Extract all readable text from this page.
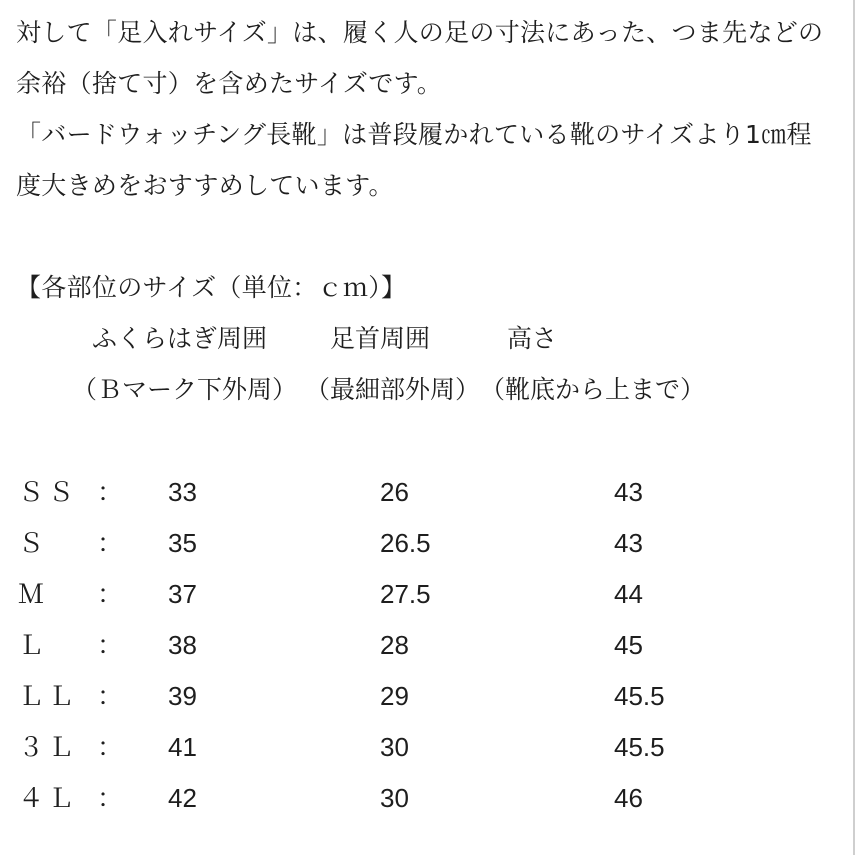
対して「足入れサイズ」は、履く人の足の寸法にあった、つま先などの
余裕（捨て寸）を含めたサイズです。
「バードウォッチング長靴」は普段履かれている靴のサイズより1㎝程
度大きめをおすすめしています。
【各部位のサイズ（単位：ｃｍ）】
ふくらはぎ周囲	足首周囲	高さ
（Ｂマーク下外周） （最細部外周） （靴底から上まで）
ＳＳ ： 33	26	43
Ｓ ： 35	26.5	43
Ｍ ： 37	27.5	44
Ｌ ： 38	28	45
ＬＬ ： 39	29	45.5
３Ｌ ： 41	30	45.5
４Ｌ ： 42	30	46
